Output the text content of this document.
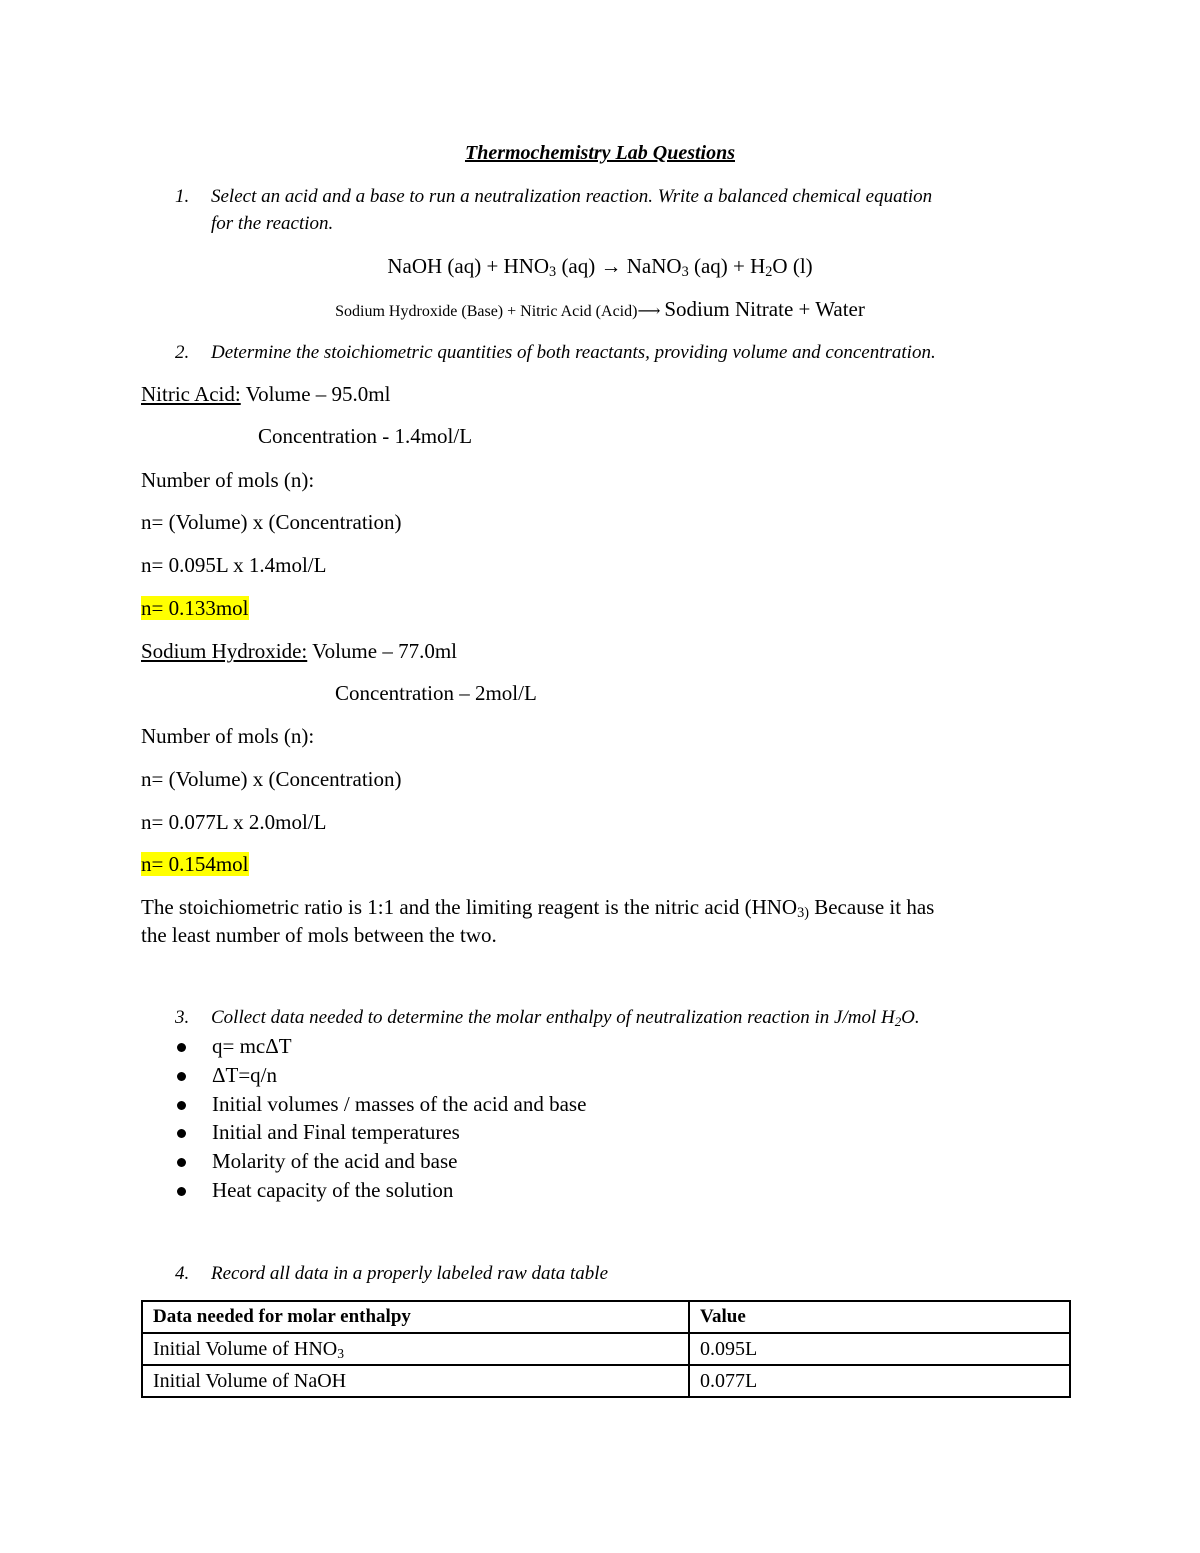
Thermochemistry Lab Questions
1. Select an acid and a base to run a neutralization reaction. Write a balanced chemical equation
for the reaction.
NaOH $(aq) + HNO_3$ (aq) → NaNO$_3$ $(aq) + H_2O$ (l)
Sodium Hydroxide (Base) + Nitric Acid (Acid)⟶ Sodium Nitrate + Water
2. Determine the stoichiometric quantities of both reactants, providing volume and concentration.
Nitric Acid: Volume – 95.0ml
Concentration - 1.4mol/L
Number of mols (n):
n= (Volume) x (Concentration)
n= 0.095L x 1.4mol/L
n= 0.133mol
Sodium Hydroxide: Volume – 77.0ml
Concentration – 2mol/L
Number of mols (n):
n= (Volume) x (Concentration)
n= 0.077L x 2.0mol/L
n= 0.154mol
The stoichiometric ratio is 1:1 and the limiting reagent is the nitric acid ($HNO_{3)}$ Because it has
the least number of mols between the two.
3. Collect data needed to determine the molar enthalpy of neutralization reaction in J/mol $H_2O$.
q= mcΔT
ΔT=q/n
Initial volumes / masses of the acid and base
Initial and Final temperatures
Molarity of the acid and base
Heat capacity of the solution
4. Record all data in a properly labeled raw data table
Data needed for molar enthalpy	Value
Initial Volume of $HNO_3$	0.095L
Initial Volume of NaOH	0.077L
